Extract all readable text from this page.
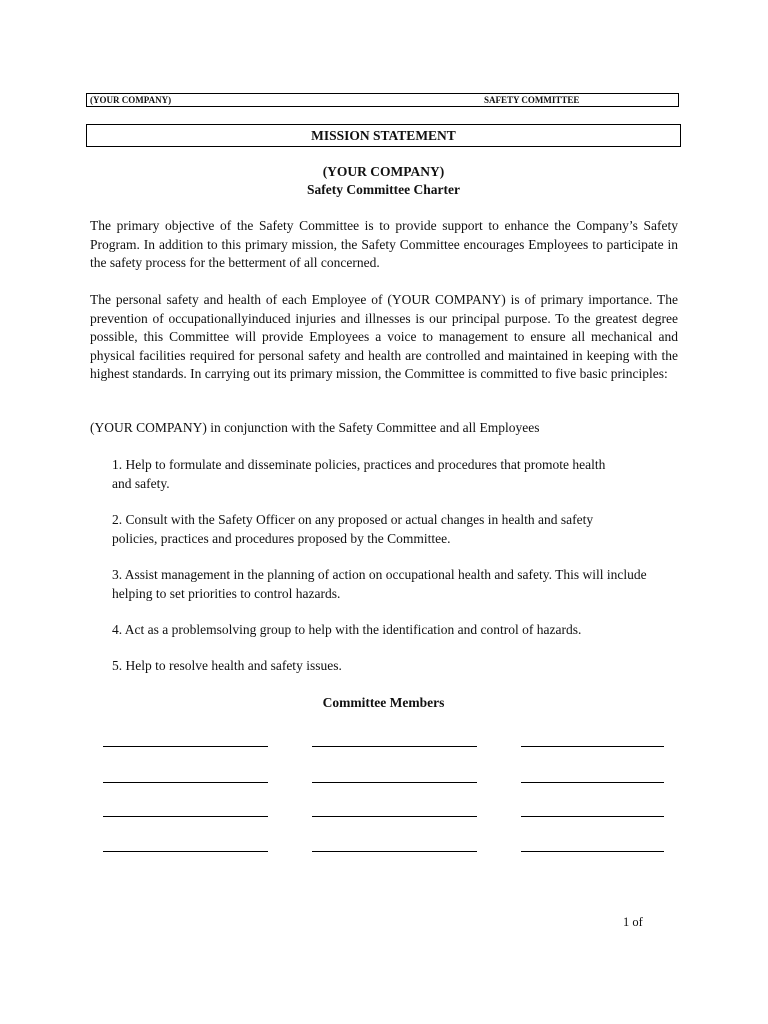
(YOUR COMPANY)	SAFETY COMMITTEE
MISSION STATEMENT
(YOUR COMPANY)
Safety Committee Charter
The primary objective of the Safety Committee is to provide support to enhance the Company’s Safety Program. In addition to this primary mission, the Safety Committee encourages Employees to participate in the safety process for the betterment of all concerned.
The personal safety and health of each Employee of (YOUR COMPANY) is of primary importance. The prevention of occupationallyinduced injuries and illnesses is our principal purpose. To the greatest degree possible, this Committee will provide Employees a voice to management to ensure all mechanical and physical facilities required for personal safety and health are controlled and maintained in keeping with the highest standards. In carrying out its primary mission, the Committee is committed to five basic principles:
(YOUR COMPANY) in conjunction with the Safety Committee and all Employees
1. Help to formulate and disseminate policies, practices and procedures that promote health and safety.
2. Consult with the Safety Officer on any proposed or actual changes in health and safety policies, practices and procedures proposed by the Committee.
3. Assist management in the planning of action on occupational health and safety. This will include helping to set priorities to control hazards.
4. Act as a problemsolving group to help with the identification and control of hazards.
5. Help to resolve health and safety issues.
Committee Members
1 of
